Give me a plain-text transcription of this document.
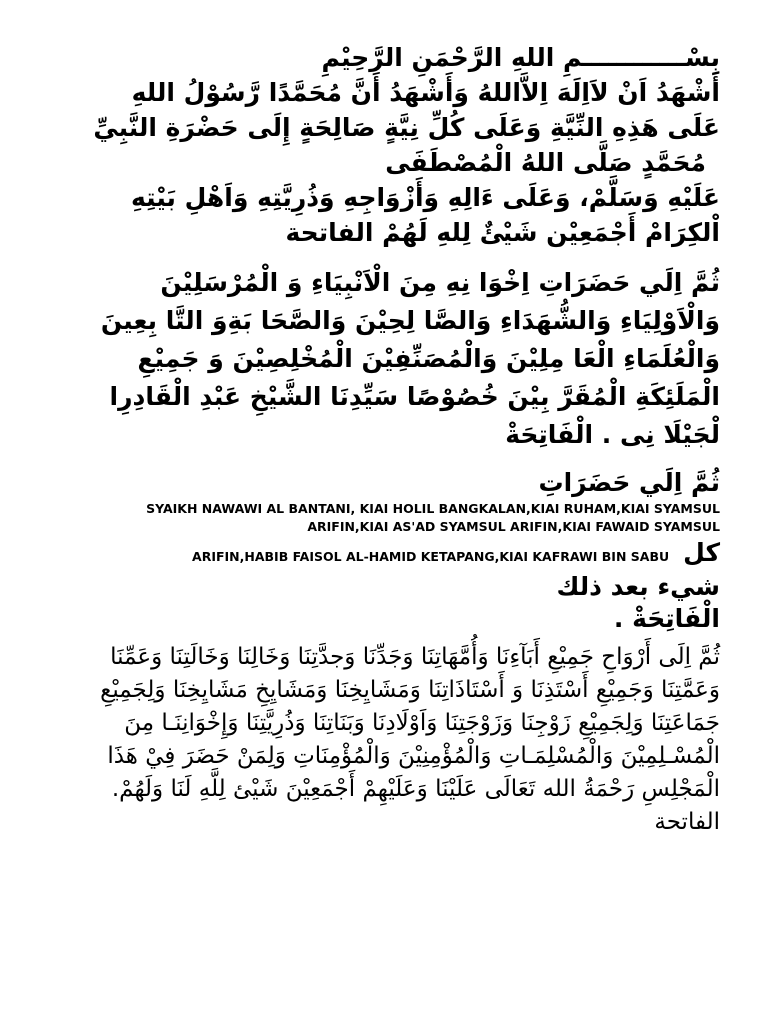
بِسْــــــــــــمِ اللهِ الرَّحْمَنِ الرَّحِيْمِ

أَشْهَدُ اَنْ لاَاِلَهَ اِلاَّاللهُ وَأَشْهَدُ أَنَّ مُحَمَّدًا رَّسُوْلُ اللهِ

عَلَى هَذِهِ النِّيَّةِ وَعَلَى كُلِّ نِيَّةٍ صَالِحَةٍ إِلَى حَضْرَةِ النَّبِيِّ

مُحَمَّدٍ صَلَّى اللهُ الْمُصْطَفَى

عَلَيْهِ وَسَلَّمْ، وَعَلَى ءَالِهِ وَأَزْوَاجِهِ وَذُرِيَّتِهِ وَاَهْلِ بَيْتِهِ اْلكِرَامْ أَجْمَعِيْن شَيْئٌ لِلهِ لَهُمْ الفاتحة

ثُمَّ اِلَي حَضَرَاتِ اِخْوَا نِهِ مِنَ الْاَنْبِيَاءِ وَ الْمُرْسَلِيْنَ وَالْاَوْلِيَاءِ وَالشُّهَدَاءِ وَالصَّا لِحِيْنَ وَالصَّحَا بَةِوَ التَّا بِعِينَ وَالْعُلَمَاءِ الْعَا مِلِيْنَ وَالْمُصَنِّفِيْنَ الْمُخْلِصِيْنَ وَ جَمِيْعِ الْمَلَئِكَةِ الْمُقَرَّ بِيْنَ خُصُوْصًا سَيِّدِنَا الشَّيْخِ عَبْدِ الْقَادِرِا لْجَيْلَا نِى . الْفَاتِحَةْ

ثُمَّ اِلَي حَضَرَاتِ

SYAIKH NAWAWI AL BANTANI, KIAI HOLIL BANGKALAN,KIAI RUHAM,KIAI SYAMSUL ARIFIN,KIAI AS'AD SYAMSUL ARIFIN,KIAI FAWAID SYAMSUL

ARIFIN,HABIB FAISOL AL-HAMID KETAPANG,KIAI KAFRAWI BIN SABU كل

شيء بعد ذلك

الْفَاتِحَةْ .

ثُمَّ اِلَى أَرْوَاحِ جَمِيْعِ أَبَآءِنَا وَأُمَّهَاتِنَا وَجَدِّنَا وَجدَّتِنَا وَخَالِنَا وَخَالَتِنَا وَعَمِّنَا وَعَمَّتِنَا وَجَمِيْعِ أَسْتَذِنَا وَ أَسْتَاذَاتِنَا وَمَشَايِخِنَا وَمَشَايِخِ مَشَايِخِنَا وَلِجَمِيْعِ جَمَاعَتِنَا وَلِجَمِيْعِ زَوْجِنَا وَزَوْجَتِنَا وَاَوْلَادِنَا وَبَنَاتِنَا وَذُرِيَّتِنَا وَإِخْوَانِنَـا مِنَ الْمُسْـلِمِيْنَ وَالْمُسْلِمَـاتِ وَالْمُؤْمِنِيْنَ وَالْمُؤْمِنَاتِ وَلِمَنْ حَضَرَ فِيْ هَذَا الْمَجْلِسِ رَحْمَةُ الله تَعَالَى عَلَيْنَا وَعَلَيْهِمْ أَجْمَعِيْنَ شَيْئ لِلَّهِ لَنَا وَلَهُمْ. الفاتحة
